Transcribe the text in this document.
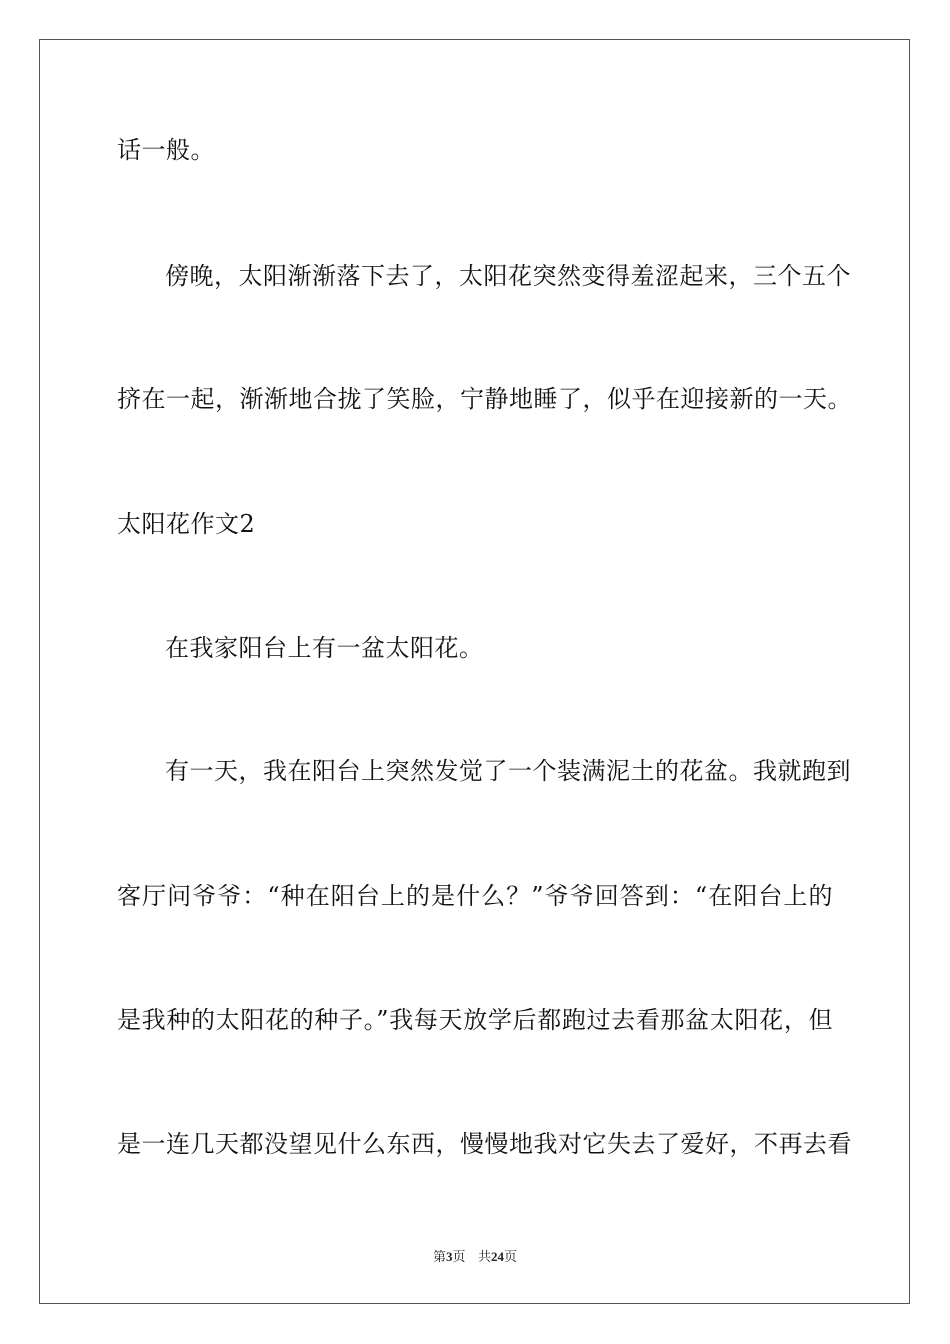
话一般。
傍晚，太阳渐渐落下去了，太阳花突然变得羞涩起来，三个五个
挤在一起，渐渐地合拢了笑脸，宁静地睡了，似乎在迎接新的一天。
太阳花作文2
在我家阳台上有一盆太阳花。
有一天，我在阳台上突然发觉了一个装满泥土的花盆。我就跑到
客厅问爷爷：“种在阳台上的是什么？”爷爷回答到：“在阳台上的
是我种的太阳花的种子。”我每天放学后都跑过去看那盆太阳花，但
是一连几天都没望见什么东西，慢慢地我对它失去了爱好，不再去看
第3页 共24页
